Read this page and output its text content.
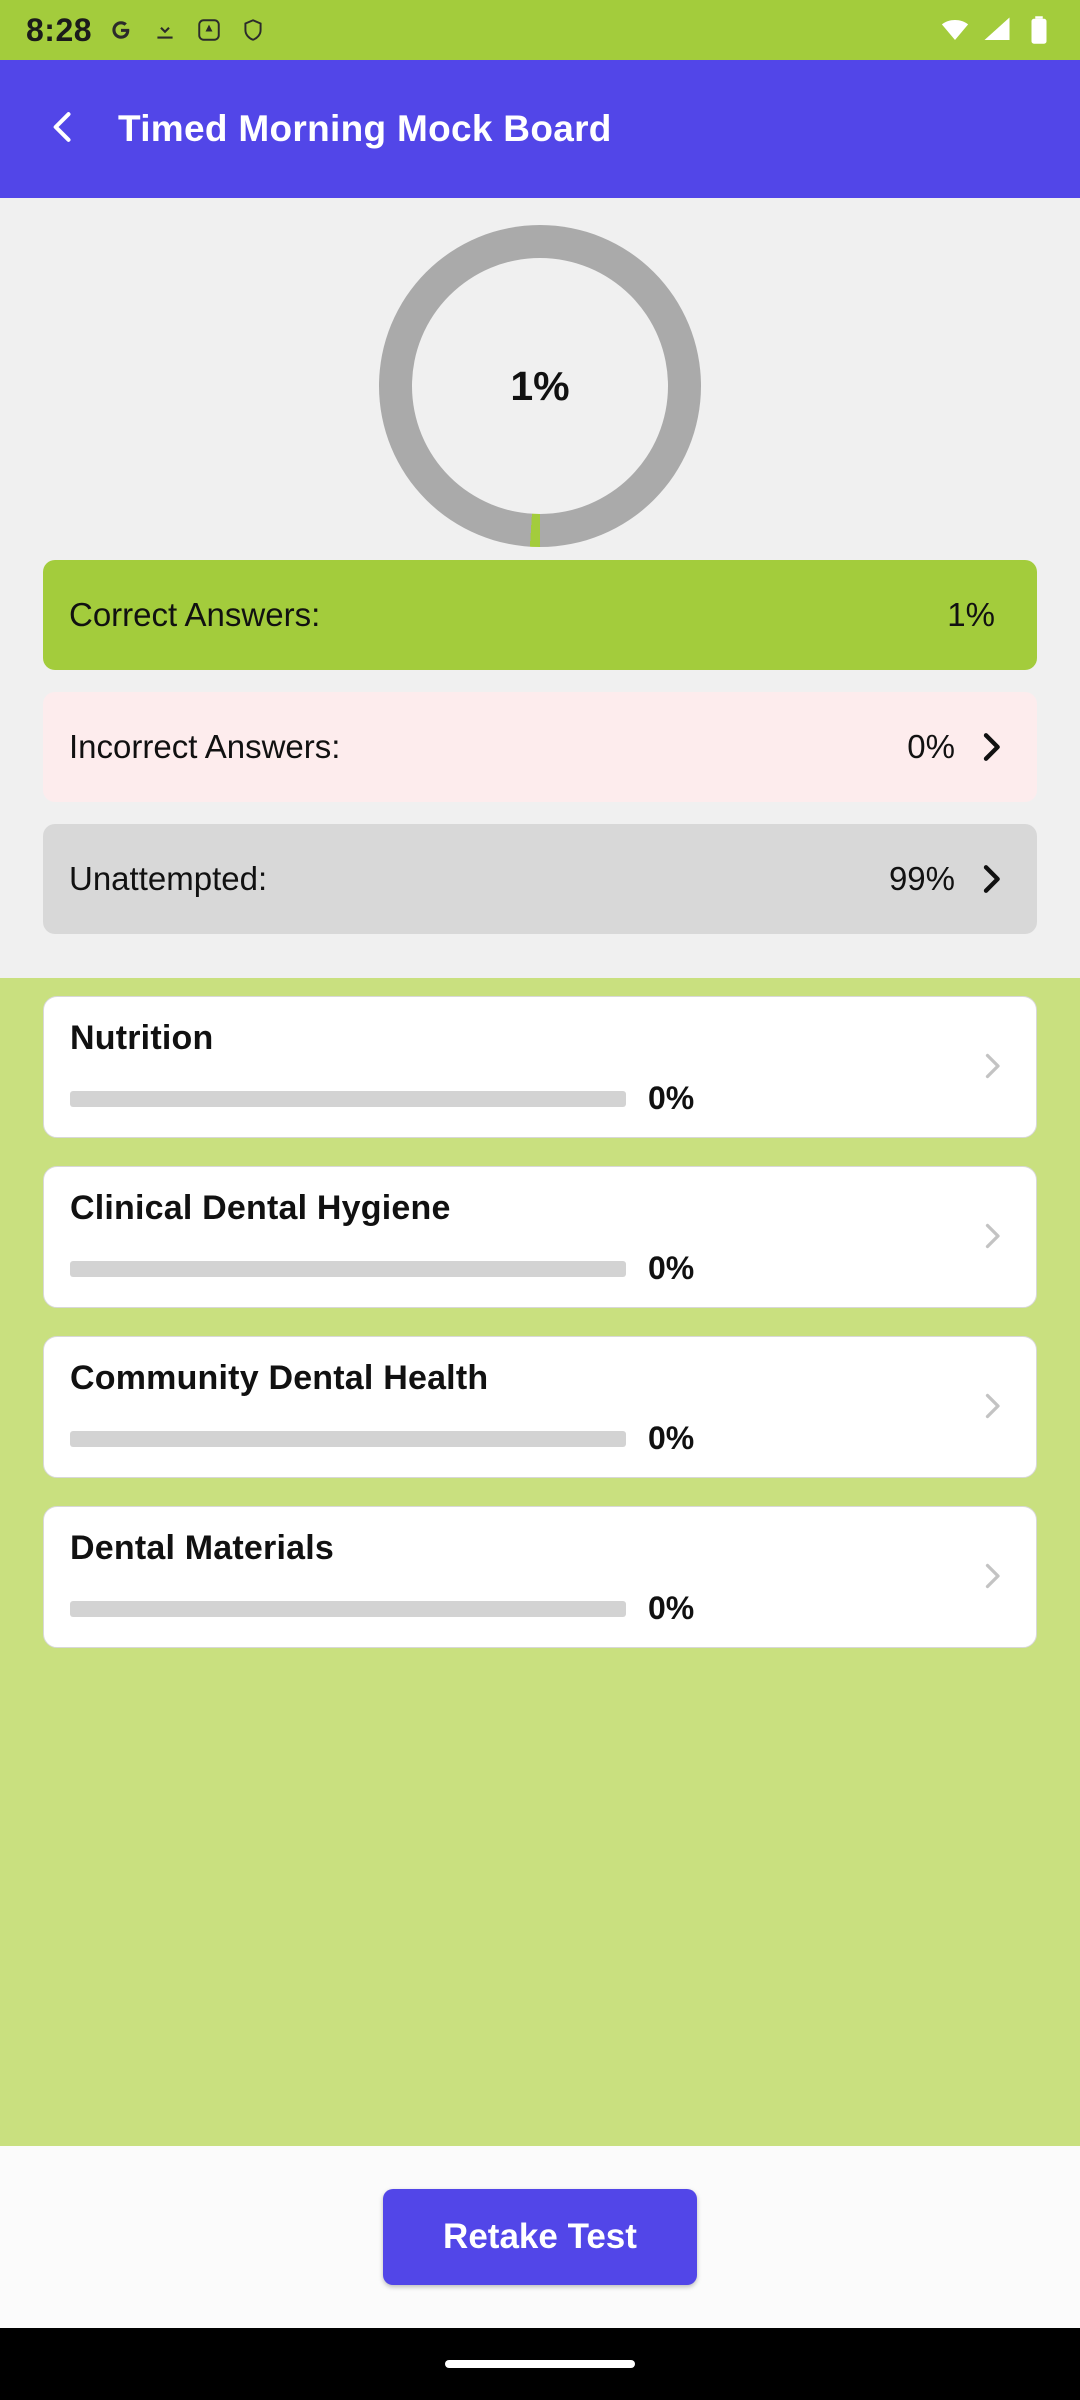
8:28
Timed Morning Mock Board
1%
Correct Answers:	1%
Incorrect Answers:	0%
Unattempted:	99%
Nutrition
0%
Clinical Dental Hygiene
0%
Community Dental Health
0%
Dental Materials
0%
Retake Test
